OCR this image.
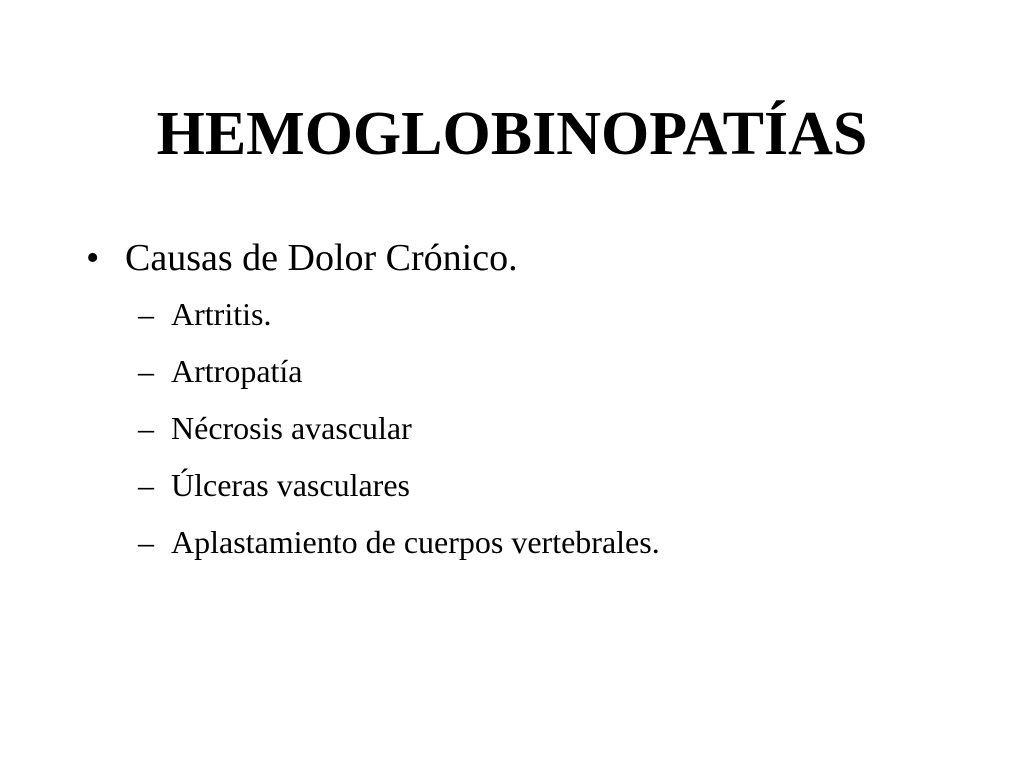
HEMOGLOBINOPATÍAS
• Causas de Dolor Crónico.
– Artritis.
– Artropatía
– Nécrosis avascular
– Úlceras vasculares
– Aplastamiento de cuerpos vertebrales.
